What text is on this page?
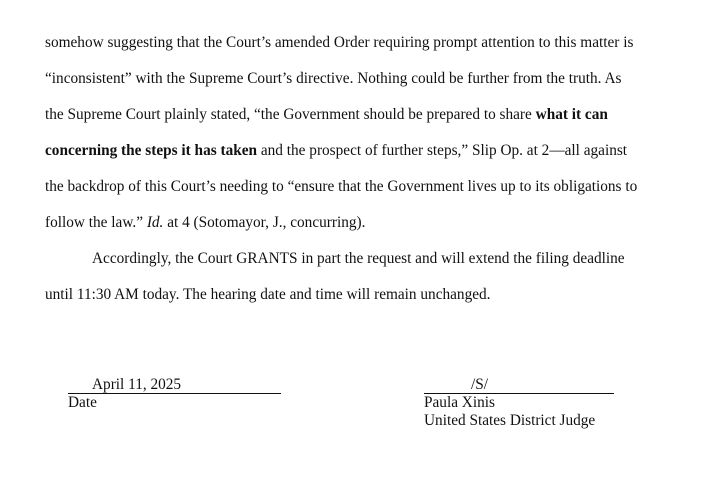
somehow suggesting that the Court’s amended Order requiring prompt attention to this matter is
“inconsistent” with the Supreme Court’s directive. Nothing could be further from the truth. As
the Supreme Court plainly stated, “the Government should be prepared to share what it can
concerning the steps it has taken and the prospect of further steps,” Slip Op. at 2—all against
the backdrop of this Court’s needing to “ensure that the Government lives up to its obligations to
follow the law.” Id. at 4 (Sotomayor, J., concurring).
Accordingly, the Court GRANTS in part the request and will extend the filing deadline
until 11:30 AM today. The hearing date and time will remain unchanged.
April 11, 2025
Date
/S/
Paula Xinis
United States District Judge
